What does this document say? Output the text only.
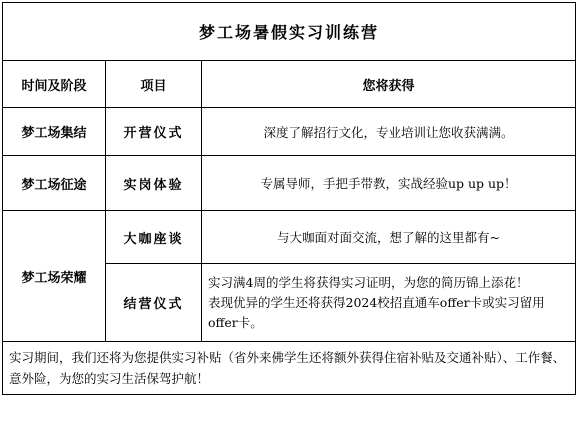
梦工场暑假实习训练营		
时间及阶段	项目	您将获得
梦工场集结	开营仪式	深度了解招行文化，专业培训让您收获满满。
梦工场征途	实岗体验	专属导师，手把手带教，实战经验up up up！
梦工场荣耀	大咖座谈	与大咖面对面交流，想了解的这里都有~
	结营仪式	实习满4周的学生将获得实习证明，为您的简历锦上添花！
表现优异的学生还将获得2024校招直通车offer卡或实习留用offer卡。

实习期间，我们还将为您提供实习补贴（省外来佛学生还将额外获得住宿补贴及交通补贴）、工作餐、意外险，为您的实习生活保驾护航！		
